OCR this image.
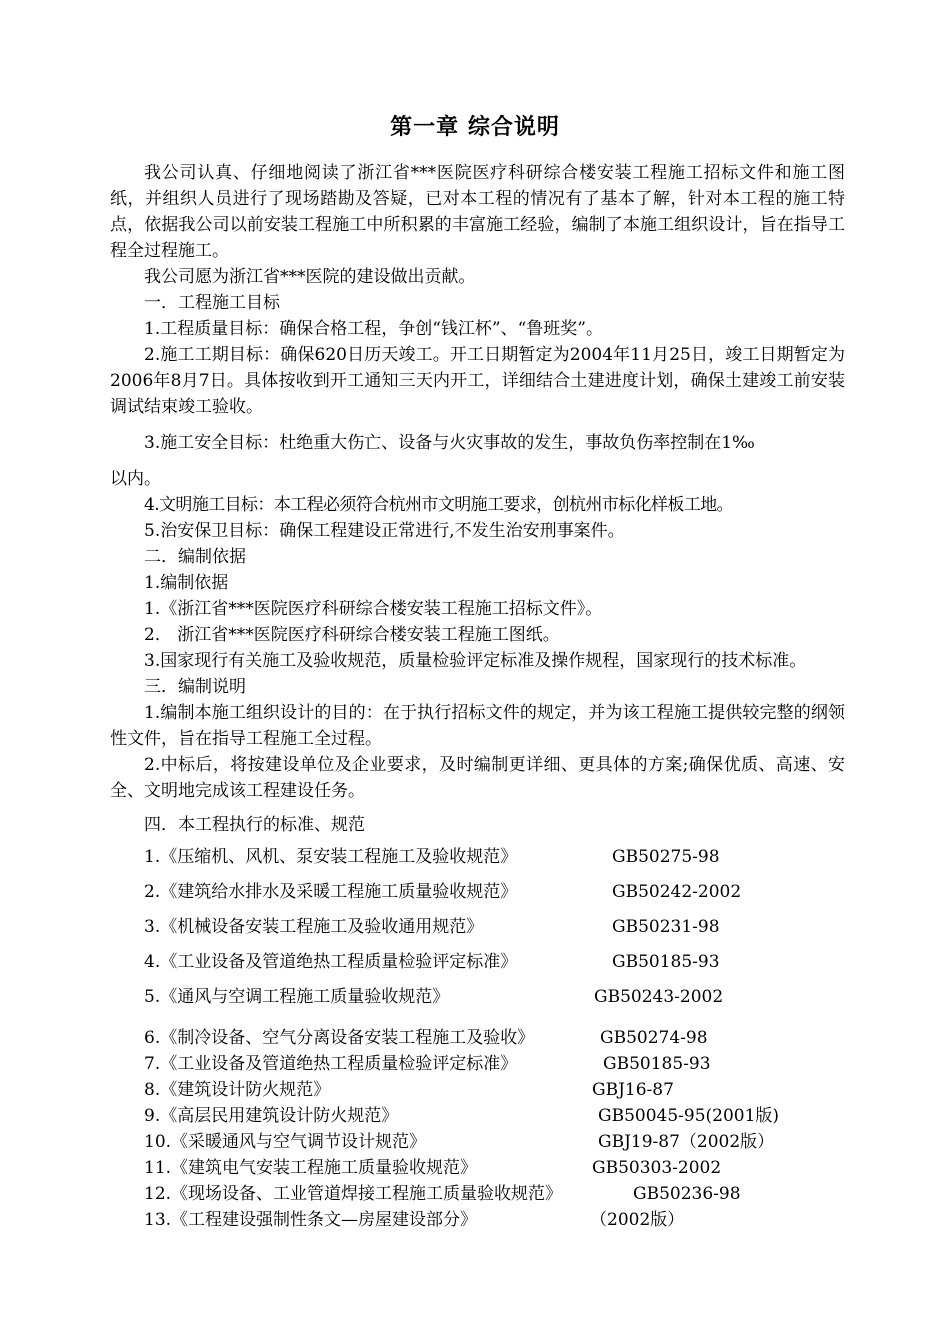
第一章 综合说明

我公司认真、仔细地阅读了浙江省***医院医疗科研综合楼安装工程施工招标文件和施工图纸，并组织人员进行了现场踏勘及答疑，已对本工程的情况有了基本了解，针对本工程的施工特点，依据我公司以前安装工程施工中所积累的丰富施工经验，编制了本施工组织设计，旨在指导工程全过程施工。

我公司愿为浙江省***医院的建设做出贡献。

一．工程施工目标

1.工程质量目标：确保合格工程，争创“钱江杯”、“鲁班奖”。

2.施工工期目标：确保620日历天竣工。开工日期暂定为2004年11月25日，竣工日期暂定为2006年8月7日。具体按收到开工通知三天内开工，详细结合土建进度计划，确保土建竣工前安装调试结束竣工验收。

3.施工安全目标：杜绝重大伤亡、设备与火灾事故的发生，事故负伤率控制在1‰

以内。

4.文明施工目标：本工程必须符合杭州市文明施工要求，创杭州市标化样板工地。

5.治安保卫目标：确保工程建设正常进行,不发生治安刑事案件。

二．编制依据

1.编制依据

1.《浙江省***医院医疗科研综合楼安装工程施工招标文件》。

2． 浙江省***医院医疗科研综合楼安装工程施工图纸。

3.国家现行有关施工及验收规范，质量检验评定标准及操作规程，国家现行的技术标准。

三．编制说明

1.编制本施工组织设计的目的：在于执行招标文件的规定，并为该工程施工提供较完整的纲领性文件，旨在指导工程施工全过程。

2.中标后，将按建设单位及企业要求，及时编制更详细、更具体的方案;确保优质、高速、安全、文明地完成该工程建设任务。

四．本工程执行的标准、规范

1.《压缩机、风机、泵安装工程施工及验收规范》	GB50275-98
2.《建筑给水排水及采暖工程施工质量验收规范》	GB50242-2002
3.《机械设备安装工程施工及验收通用规范》	GB50231-98
4.《工业设备及管道绝热工程质量检验评定标准》	GB50185-93
5.《通风与空调工程施工质量验收规范》	GB50243-2002
6.《制冷设备、空气分离设备安装工程施工及验收》	GB50274-98
7.《工业设备及管道绝热工程质量检验评定标准》	GB50185-93
8.《建筑设计防火规范》	GBJ16-87
9.《高层民用建筑设计防火规范》	GB50045-95(2001版)
10.《采暖通风与空气调节设计规范》	GBJ19-87（2002版）
11.《建筑电气安装工程施工质量验收规范》	GB50303-2002
12.《现场设备、工业管道焊接工程施工质量验收规范》	GB50236-98
13.《工程建设强制性条文—房屋建设部分》	（2002版）
